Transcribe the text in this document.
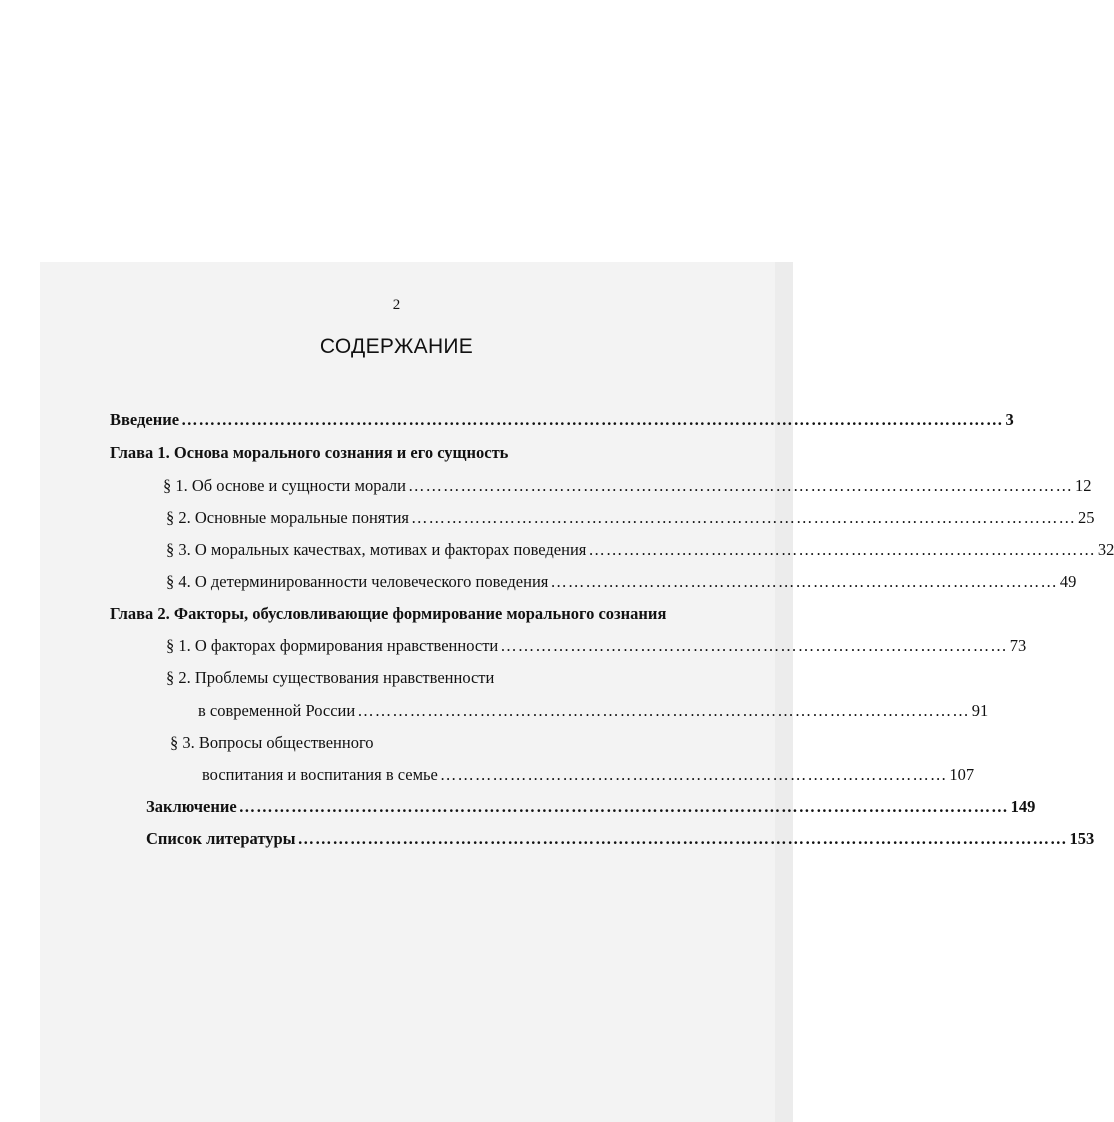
2
СОДЕРЖАНИЕ
Введение …………………………………………………………………………………………………………………………… 3
Глава 1. Основа морального сознания и его сущность
§ 1. Об основе и сущности морали …………………………………………………………………………………………………… 12
§ 2. Основные моральные понятия …………………………………………………………………………………………………… 25
§ 3. О моральных качествах, мотивах и факторах поведения …………………………………………………………………………… 32
§ 4. О детерминированности человеческого поведения …………………………………………………………………………… 49
Глава 2. Факторы, обусловливающие формирование морального сознания
§ 1. О факторах формирования нравственности …………………………………………………………………………… 73
§ 2. Проблемы существования нравственности
в современной России …………………………………………………………………………………………… 91
§ 3. Вопросы общественного
воспитания и воспитания в семье …………………………………………………………………………… 107
Заключение …………………………………………………………………………………………………………………… 149
Список литературы …………………………………………………………………………………………………………………… 153
